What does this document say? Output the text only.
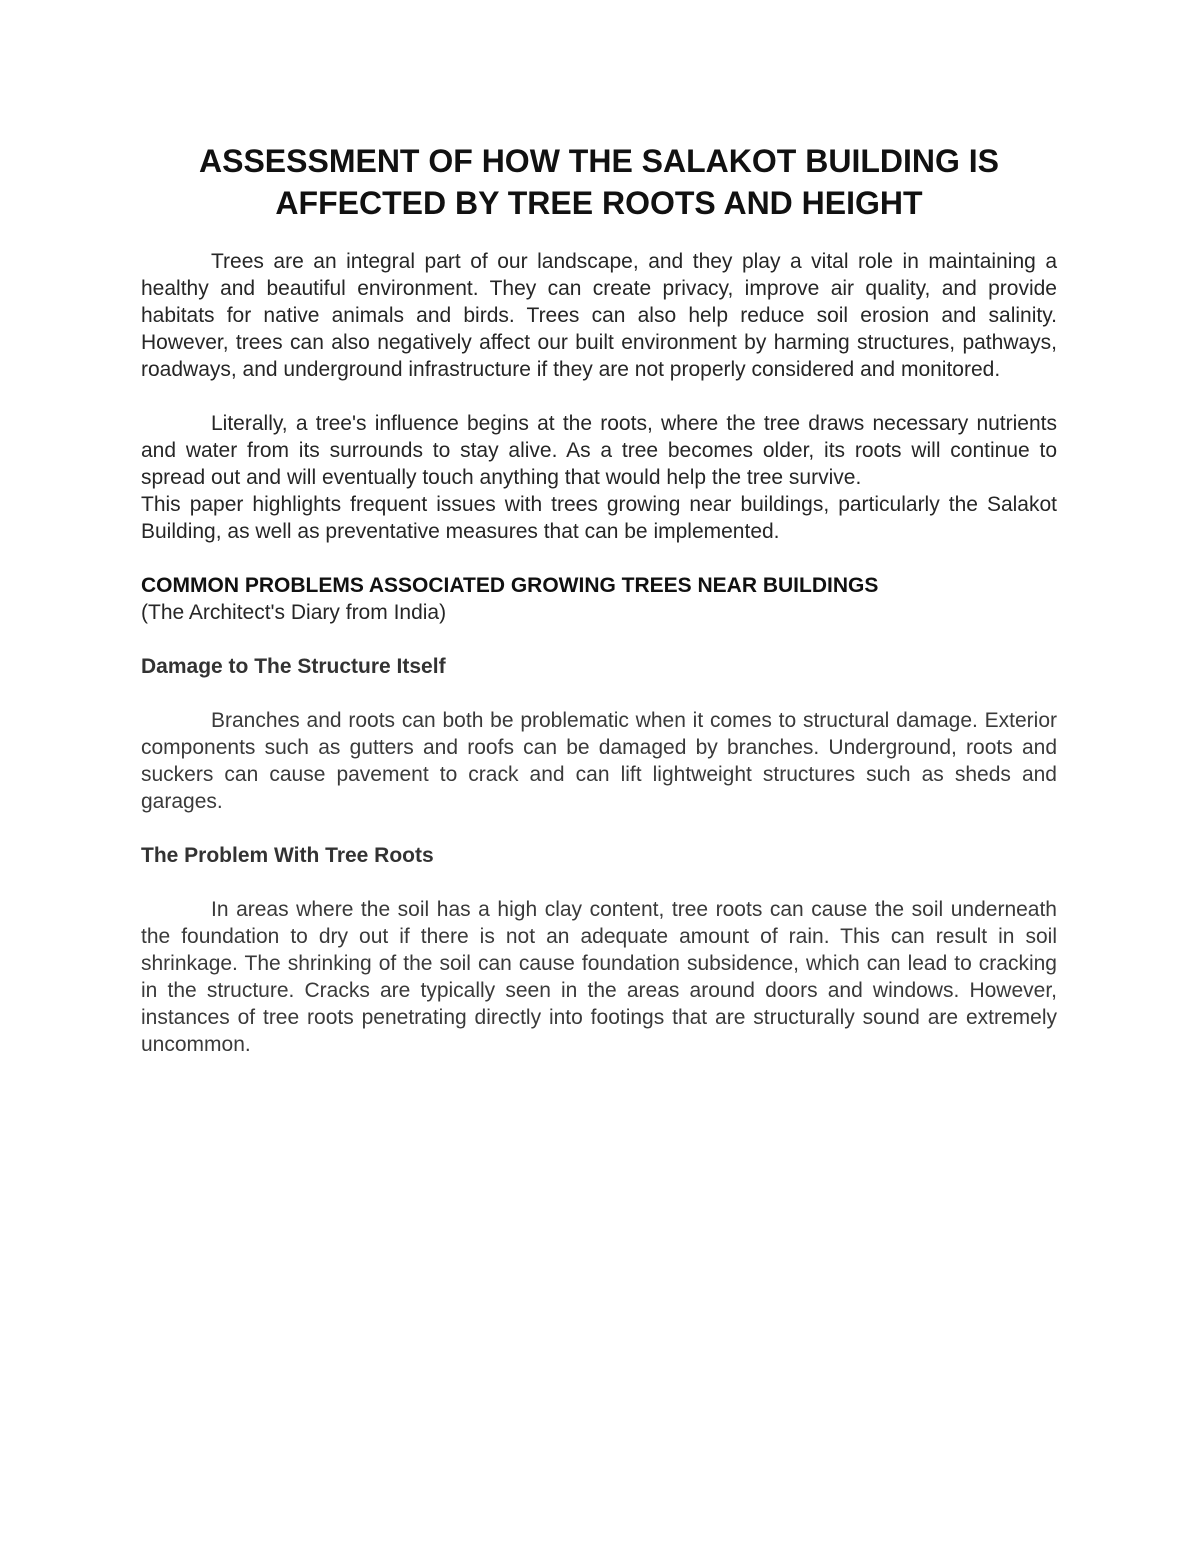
ASSESSMENT OF HOW THE SALAKOT BUILDING IS
AFFECTED BY TREE ROOTS AND HEIGHT

Trees are an integral part of our landscape, and they play a vital role in maintaining a healthy and beautiful environment. They can create privacy, improve air quality, and provide habitats for native animals and birds. Trees can also help reduce soil erosion and salinity. However, trees can also negatively affect our built environment by harming structures, pathways, roadways, and underground infrastructure if they are not properly considered and monitored.

Literally, a tree's influence begins at the roots, where the tree draws necessary nutrients and water from its surrounds to stay alive. As a tree becomes older, its roots will continue to spread out and will eventually touch anything that would help the tree survive.

This paper highlights frequent issues with trees growing near buildings, particularly the Salakot Building, as well as preventative measures that can be implemented.

COMMON PROBLEMS ASSOCIATED GROWING TREES NEAR BUILDINGS

(The Architect's Diary from India)

Damage to The Structure Itself

Branches and roots can both be problematic when it comes to structural damage. Exterior components such as gutters and roofs can be damaged by branches. Underground, roots and suckers can cause pavement to crack and can lift lightweight structures such as sheds and garages.

The Problem With Tree Roots

In areas where the soil has a high clay content, tree roots can cause the soil underneath the foundation to dry out if there is not an adequate amount of rain. This can result in soil shrinkage. The shrinking of the soil can cause foundation subsidence, which can lead to cracking in the structure. Cracks are typically seen in the areas around doors and windows. However, instances of tree roots penetrating directly into footings that are structurally sound are extremely uncommon.
